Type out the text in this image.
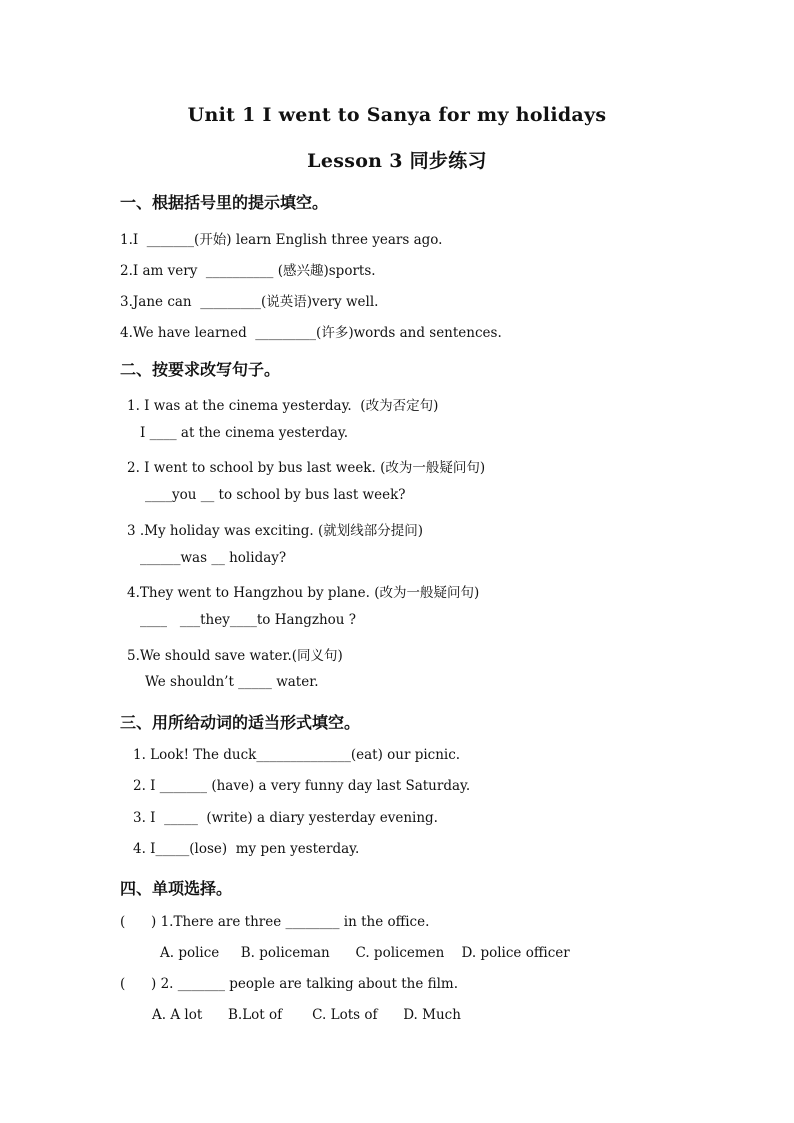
Unit 1 I went to Sanya for my holidays
Lesson 3 同步练习
一、根据括号里的提示填空。
1.I  _______(开始) learn English three years ago.
2.I am very  __________ (感兴趣)sports.
3.Jane can  _________(说英语)very well.
4.We have learned  _________(许多)words and sentences.
二、按要求改写句子。
1. I was at the cinema yesterday.  (改为否定句)
I ____ at the cinema yesterday.
2. I went to school by bus last week. (改为一般疑问句)
____you __ to school by bus last week?
3 .My holiday was exciting. (就划线部分提问)
______was __ holiday?
4.They went to Hangzhou by plane. (改为一般疑问句)
____   ___they____to Hangzhou ?
5.We should save water.(同义句)
We shouldn’t _____ water.
三、用所给动词的适当形式填空。
1. Look! The duck______________(eat) our picnic.
2. I _______ (have) a very funny day last Saturday.
3. I  _____  (write) a diary yesterday evening.
4. I_____(lose)  my pen yesterday.
四、单项选择。
(      ) 1.There are three ________ in the office.
A. police     B. policeman      C. policemen    D. police officer
(      ) 2. _______ people are talking about the film.
A. A lot      B.Lot of       C. Lots of      D. Much
